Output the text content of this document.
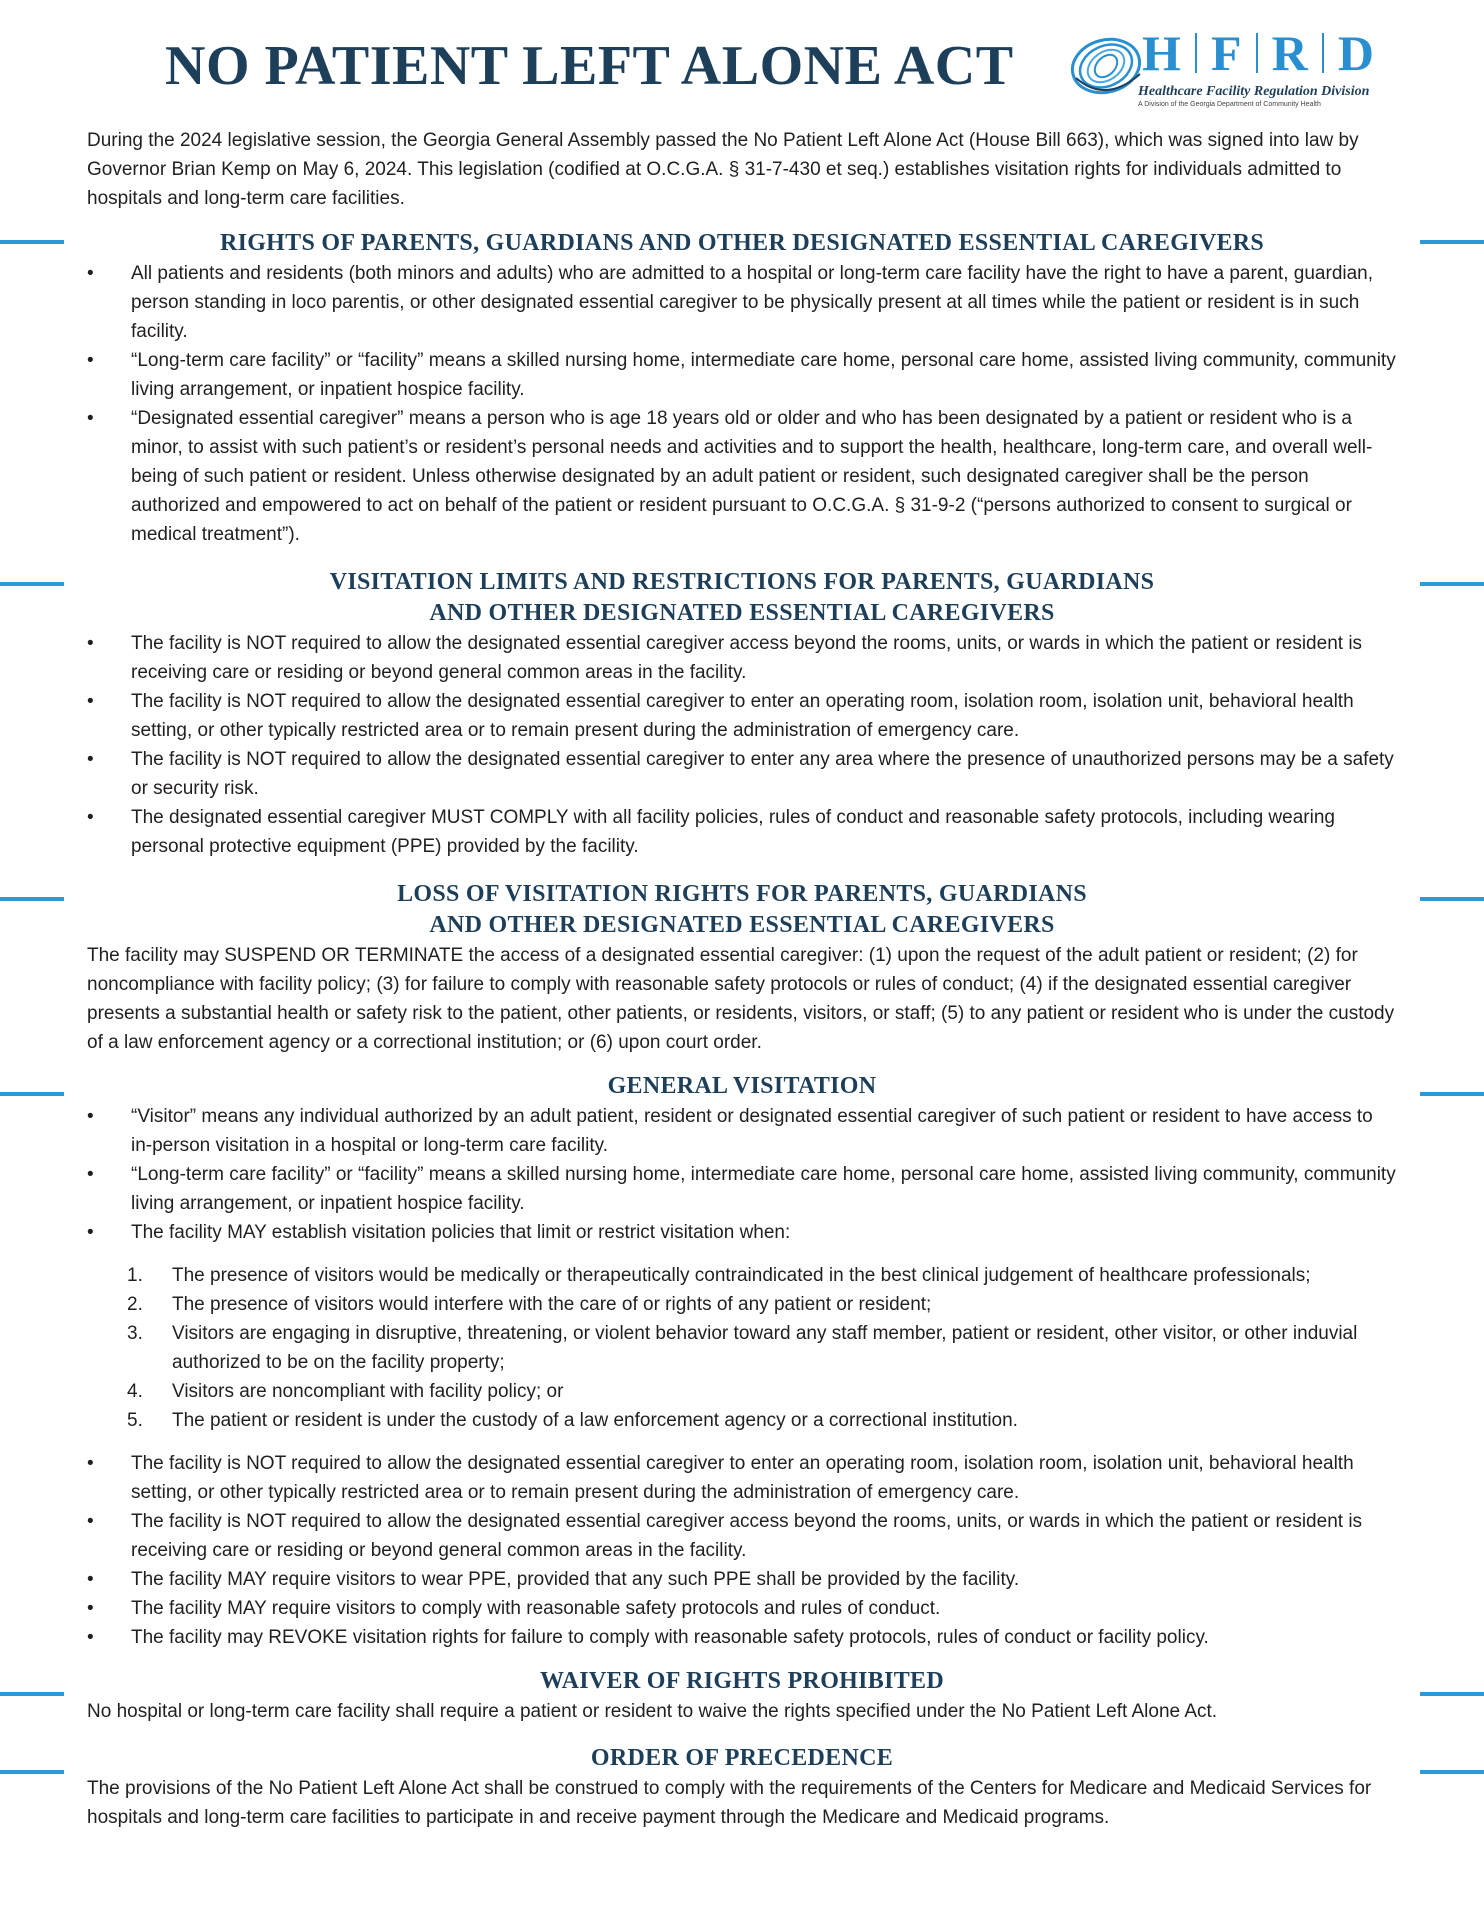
NO PATIENT LEFT ALONE ACT	H F R D
Healthcare Facility Regulation Division
A Division of the Georgia Department of Community Health

During the 2024 legislative session, the Georgia General Assembly passed the No Patient Left Alone Act (House Bill 663), which was signed into law by Governor Brian Kemp on May 6, 2024. This legislation (codified at O.C.G.A. § 31-7-430 et seq.) establishes visitation rights for individuals admitted to hospitals and long-term care facilities.

RIGHTS OF PARENTS, GUARDIANS AND OTHER DESIGNATED ESSENTIAL CAREGIVERS
• All patients and residents (both minors and adults) who are admitted to a hospital or long-term care facility have the right to have a parent, guardian, person standing in loco parentis, or other designated essential caregiver to be physically present at all times while the patient or resident is in such facility.
• “Long-term care facility” or “facility” means a skilled nursing home, intermediate care home, personal care home, assisted living community, community living arrangement, or inpatient hospice facility.
• “Designated essential caregiver” means a person who is age 18 years old or older and who has been designated by a patient or resident who is a minor, to assist with such patient’s or resident’s personal needs and activities and to support the health, healthcare, long-term care, and overall well-being of such patient or resident. Unless otherwise designated by an adult patient or resident, such designated caregiver shall be the person authorized and empowered to act on behalf of the patient or resident pursuant to O.C.G.A. § 31-9-2 (“persons authorized to consent to surgical or medical treatment”).
VISITATION LIMITS AND RESTRICTIONS FOR PARENTS, GUARDIANS
AND OTHER DESIGNATED ESSENTIAL CAREGIVERS
• The facility is NOT required to allow the designated essential caregiver access beyond the rooms, units, or wards in which the patient or resident is receiving care or residing or beyond general common areas in the facility.
• The facility is NOT required to allow the designated essential caregiver to enter an operating room, isolation room, isolation unit, behavioral health setting, or other typically restricted area or to remain present during the administration of emergency care.
• The facility is NOT required to allow the designated essential caregiver to enter any area where the presence of unauthorized persons may be a safety or security risk.
• The designated essential caregiver MUST COMPLY with all facility policies, rules of conduct and reasonable safety protocols, including wearing personal protective equipment (PPE) provided by the facility.
LOSS OF VISITATION RIGHTS FOR PARENTS, GUARDIANS
AND OTHER DESIGNATED ESSENTIAL CAREGIVERS

The facility may SUSPEND OR TERMINATE the access of a designated essential caregiver: (1) upon the request of the adult patient or resident; (2) for noncompliance with facility policy; (3) for failure to comply with reasonable safety protocols or rules of conduct; (4) if the designated essential caregiver presents a substantial health or safety risk to the patient, other patients, or residents, visitors, or staff; (5) to any patient or resident who is under the custody of a law enforcement agency or a correctional institution; or (6) upon court order.

GENERAL VISITATION
• “Visitor” means any individual authorized by an adult patient, resident or designated essential caregiver of such patient or resident to have access to in-person visitation in a hospital or long-term care facility.
• “Long-term care facility” or “facility” means a skilled nursing home, intermediate care home, personal care home, assisted living community, community living arrangement, or inpatient hospice facility.
• The facility MAY establish visitation policies that limit or restrict visitation when:
1. The presence of visitors would be medically or therapeutically contraindicated in the best clinical judgement of healthcare professionals;
2. The presence of visitors would interfere with the care of or rights of any patient or resident;
3. Visitors are engaging in disruptive, threatening, or violent behavior toward any staff member, patient or resident, other visitor, or other induvial authorized to be on the facility property;
4. Visitors are noncompliant with facility policy; or
5. The patient or resident is under the custody of a law enforcement agency or a correctional institution.
• The facility is NOT required to allow the designated essential caregiver to enter an operating room, isolation room, isolation unit, behavioral health setting, or other typically restricted area or to remain present during the administration of emergency care.
• The facility is NOT required to allow the designated essential caregiver access beyond the rooms, units, or wards in which the patient or resident is receiving care or residing or beyond general common areas in the facility.
• The facility MAY require visitors to wear PPE, provided that any such PPE shall be provided by the facility.
• The facility MAY require visitors to comply with reasonable safety protocols and rules of conduct.
• The facility may REVOKE visitation rights for failure to comply with reasonable safety protocols, rules of conduct or facility policy.
WAIVER OF RIGHTS PROHIBITED

No hospital or long-term care facility shall require a patient or resident to waive the rights specified under the No Patient Left Alone Act.

ORDER OF PRECEDENCE

The provisions of the No Patient Left Alone Act shall be construed to comply with the requirements of the Centers for Medicare and Medicaid Services for hospitals and long-term care facilities to participate in and receive payment through the Medicare and Medicaid programs.
